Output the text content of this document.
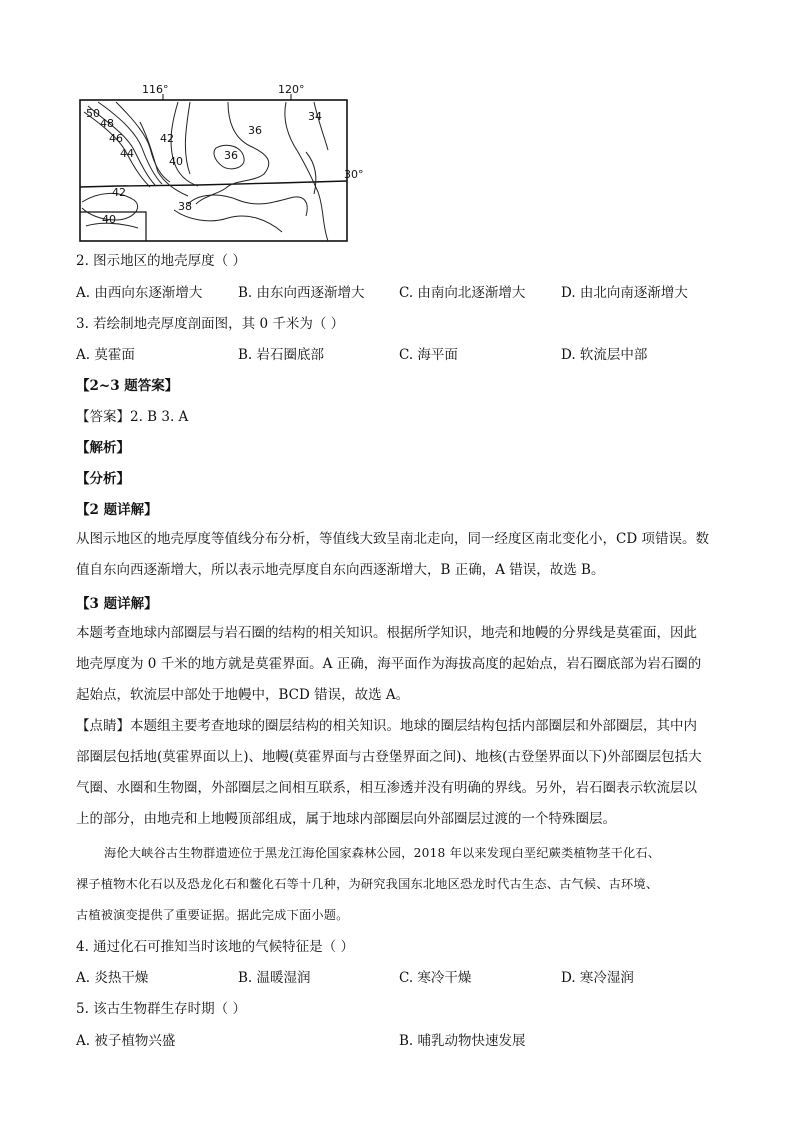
116°	120°
30°
50
48
46
44
42
40
42
36
36
34
38
40
2. 图示地区的地壳厚度（ ）
A. 由西向东逐渐增大	B. 由东向西逐渐增大	C. 由南向北逐渐增大	D. 由北向南逐渐增大
3. 若绘制地壳厚度剖面图，其 0 千米为（ ）
A. 莫霍面	B. 岩石圈底部	C. 海平面	D. 软流层中部
【2~3 题答案】
【答案】2. B 3. A
【解析】
【分析】
【2 题详解】
从图示地区的地壳厚度等值线分布分析，等值线大致呈南北走向，同一经度区南北变化小，CD 项错误。数
值自东向西逐渐增大，所以表示地壳厚度自东向西逐渐增大，B 正确，A 错误，故选 B。
【3 题详解】
本题考查地球内部圈层与岩石圈的结构的相关知识。根据所学知识，地壳和地幔的分界线是莫霍面，因此
地壳厚度为 0 千米的地方就是莫霍界面。A 正确，海平面作为海拔高度的起始点，岩石圈底部为岩石圈的
起始点，软流层中部处于地幔中，BCD 错误，故选 A。
【点睛】本题组主要考查地球的圈层结构的相关知识。地球的圈层结构包括内部圈层和外部圈层，其中内
部圈层包括地(莫霍界面以上)、地幔(莫霍界面与古登堡界面之间)、地核(古登堡界面以下)外部圈层包括大
气圈、水圈和生物圈，外部圈层之间相互联系，相互渗透并没有明确的界线。另外，岩石圈表示软流层以
上的部分，由地壳和上地幔顶部组成，属于地球内部圈层向外部圈层过渡的一个特殊圈层。
海伦大峡谷古生物群遗迹位于黑龙江海伦国家森林公园，2018 年以来发现白垩纪蕨类植物茎干化石、
裸子植物木化石以及恐龙化石和鳖化石等十几种，为研究我国东北地区恐龙时代古生态、古气候、古环境、
古植被演变提供了重要证据。据此完成下面小题。
4. 通过化石可推知当时该地的气候特征是（ ）
A. 炎热干燥	B. 温暖湿润	C. 寒冷干燥	D. 寒冷湿润
5. 该古生物群生存时期（ ）
A. 被子植物兴盛	B. 哺乳动物快速发展
